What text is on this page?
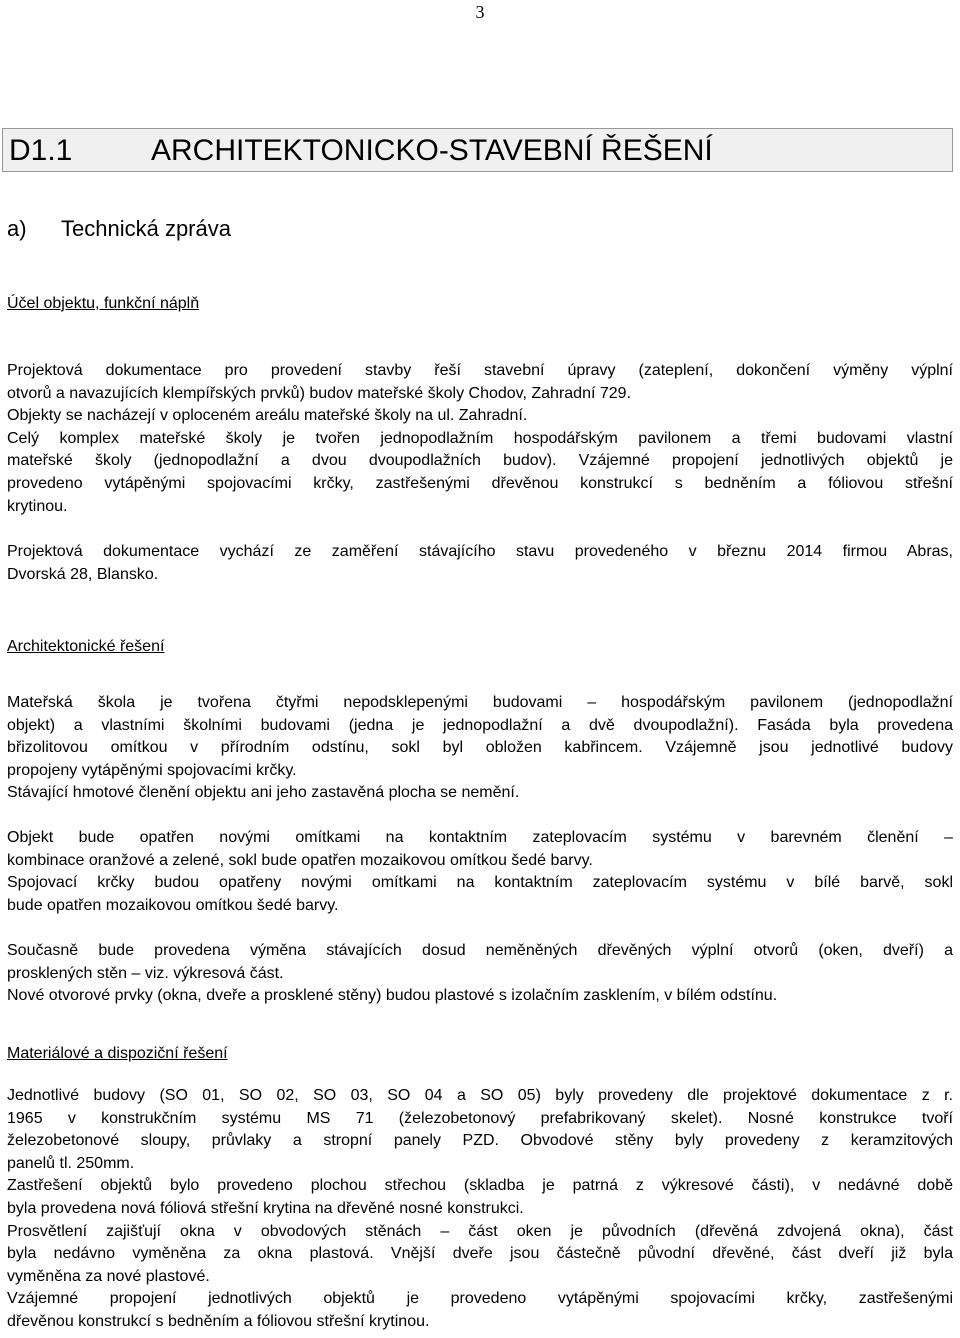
3
D1.1	ARCHITEKTONICKO-STAVEBNÍ ŘEŠENÍ
a) Technická zpráva
Účel objektu, funkční náplň
Projektová dokumentace pro provedení stavby řeší stavební úpravy (zateplení, dokončení výměny výplní
otvorů a navazujících klempířských prvků) budov mateřské školy Chodov, Zahradní 729.
Objekty se nacházejí v oploceném areálu mateřské školy na ul. Zahradní.
Celý komplex mateřské školy je tvořen jednopodlažním hospodářským pavilonem a třemi budovami vlastní
mateřské školy (jednopodlažní a dvou dvoupodlažních budov). Vzájemné propojení jednotlivých objektů je
provedeno vytápěnými spojovacími krčky, zastřešenými dřevěnou konstrukcí s bedněním a fóliovou střešní
krytinou.
Projektová dokumentace vychází ze zaměření stávajícího stavu provedeného v březnu 2014 firmou Abras,
Dvorská 28, Blansko.
Architektonické řešení
Mateřská škola je tvořena čtyřmi nepodsklepenými budovami – hospodářským pavilonem (jednopodlažní
objekt) a vlastními školními budovami (jedna je jednopodlažní a dvě dvoupodlažní). Fasáda byla provedena
břizolitovou omítkou v přírodním odstínu, sokl byl obložen kabřincem. Vzájemně jsou jednotlivé budovy
propojeny vytápěnými spojovacími krčky.
Stávající hmotové členění objektu ani jeho zastavěná plocha se nemění.
Objekt bude opatřen novými omítkami na kontaktním zateplovacím systému v barevném členění –
kombinace oranžové a zelené, sokl bude opatřen mozaikovou omítkou šedé barvy.
Spojovací krčky budou opatřeny novými omítkami na kontaktním zateplovacím systému v bílé barvě, sokl
bude opatřen mozaikovou omítkou šedé barvy.
Současně bude provedena výměna stávajících dosud neměněných dřevěných výplní otvorů (oken, dveří) a
prosklených stěn – viz. výkresová část.
Nové otvorové prvky (okna, dveře a prosklené stěny) budou plastové s izolačním zasklením, v bílém odstínu.
Materiálové a dispoziční řešení
Jednotlivé budovy (SO 01, SO 02, SO 03, SO 04 a SO 05) byly provedeny dle projektové dokumentace z r.
1965 v konstrukčním systému MS 71 (železobetonový prefabrikovaný skelet). Nosné konstrukce tvoří
železobetonové sloupy, průvlaky a stropní panely PZD. Obvodové stěny byly provedeny z keramzitových
panelů tl. 250mm.
Zastřešení objektů bylo provedeno plochou střechou (skladba je patrná z výkresové části), v nedávné době
byla provedena nová fóliová střešní krytina na dřevěné nosné konstrukci.
Prosvětlení zajišťují okna v obvodových stěnách – část oken je původních (dřevěná zdvojená okna), část
byla nedávno vyměněna za okna plastová. Vnější dveře jsou částečně původní dřevěné, část dveří již byla
vyměněna za nové plastové.
Vzájemné propojení jednotlivých objektů je provedeno vytápěnými spojovacími krčky, zastřešenými
dřevěnou konstrukcí s bedněním a fóliovou střešní krytinou.
